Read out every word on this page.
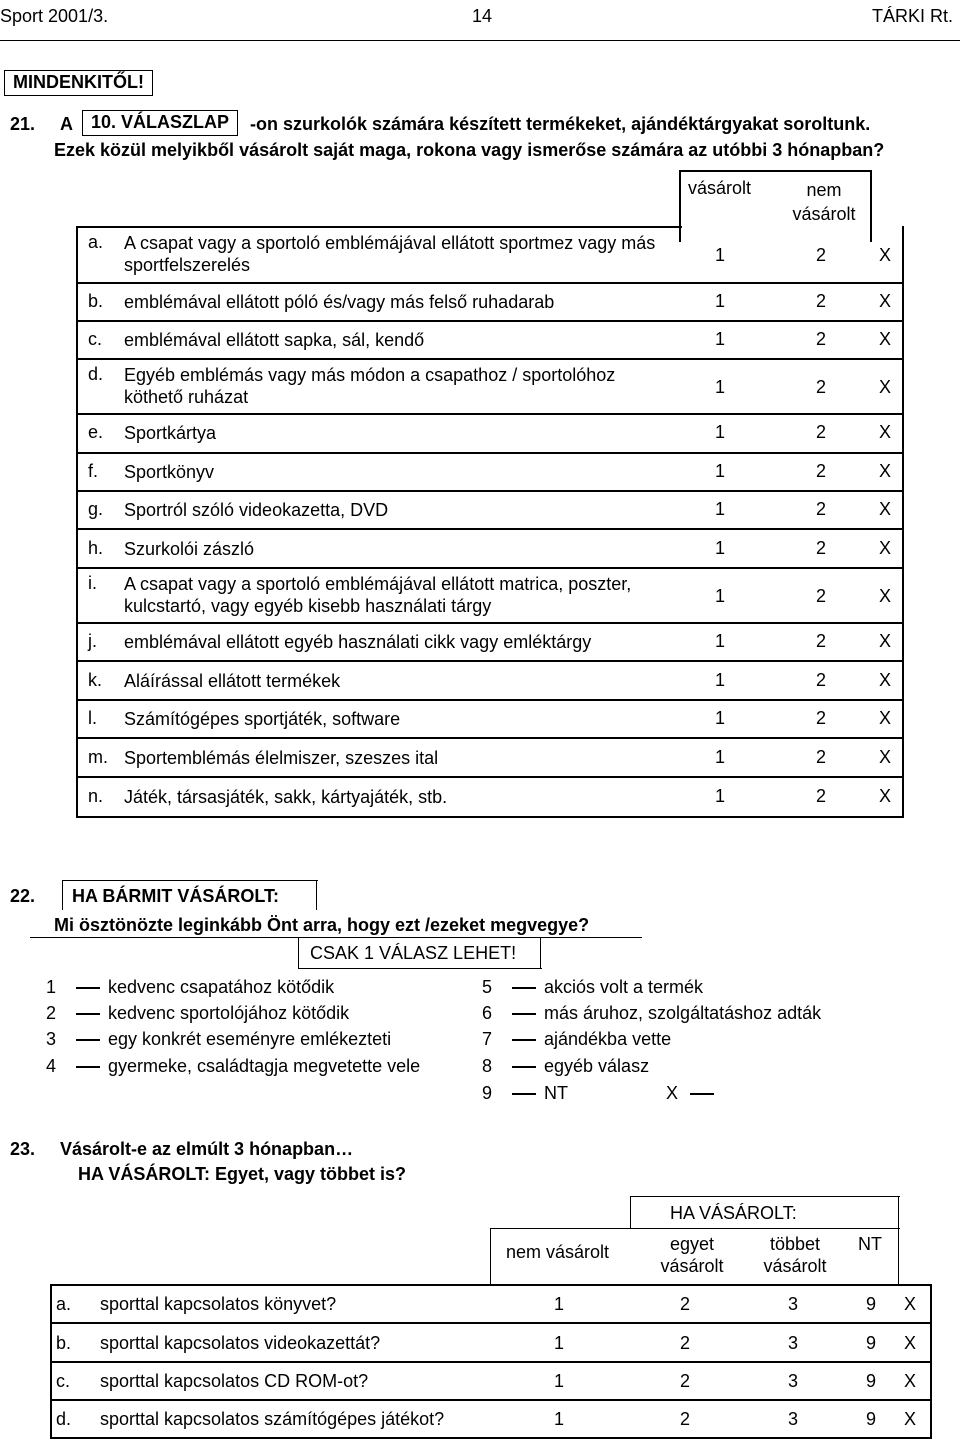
Sport 2001/3.	14	TÁRKI Rt.
MINDENKITŐL!
21. A	10. VÁLASZLAP	-on szurkolók számára készített termékeket, ajándéktárgyakat soroltunk.
Ezek közül melyikből vásárolt saját maga, rokona vagy ismerőse számára az utóbbi 3 hónapban?
vásárolt	nem vásárolt
a. A csapat vagy a sportoló emblémájával ellátott sportmez vagy más sportfelszerelés	1	2	X
b. emblémával ellátott póló és/vagy más felső ruhadarab	1	2	X
c. emblémával ellátott sapka, sál, kendő	1	2	X
d. Egyéb emblémás vagy más módon a csapathoz / sportolóhoz köthető ruházat	1	2	X
e. Sportkártya	1	2	X
f. Sportkönyv	1	2	X
g. Sportról szóló videokazetta, DVD	1	2	X
h. Szurkolói zászló	1	2	X
i. A csapat vagy a sportoló emblémájával ellátott matrica, poszter, kulcstartó, vagy egyéb kisebb használati tárgy	1	2	X
j. emblémával ellátott egyéb használati cikk vagy emléktárgy	1	2	X
k. Aláírással ellátott termékek	1	2	X
l. Számítógépes sportjáték, software	1	2	X
m. Sportemblémás élelmiszer, szeszes ital	1	2	X
n. Játék, társasjáték, sakk, kártyajáték, stb.	1	2	X
22. HA BÁRMIT VÁSÁROLT:
Mi ösztönözte leginkább Önt arra, hogy ezt /ezeket megvegye?
CSAK 1 VÁLASZ LEHET!
1	kedvenc csapatához kötődik
2	kedvenc sportolójához kötődik
3	egy konkrét eseményre emlékezteti
4	gyermeke, családtagja megvetette vele
5	akciós volt a termék
6	más áruhoz, szolgáltatáshoz adták
7	ajándékba vette
8	egyéb válasz
9	NT	X
23. Vásárolt-e az elmúlt 3 hónapban…
HA VÁSÁROLT: Egyet, vagy többet is?
HA VÁSÁROLT:
nem vásárolt	egyet
vásárolt
többet
vásárolt
NT
a. sporttal kapcsolatos könyvet?	1	2	3	9 X
b. sporttal kapcsolatos videokazettát?	1	2	3	9 X
c. sporttal kapcsolatos CD ROM-ot?	1	2	3	9 X
d. sporttal kapcsolatos számítógépes játékot?	1	2	3	9 X
